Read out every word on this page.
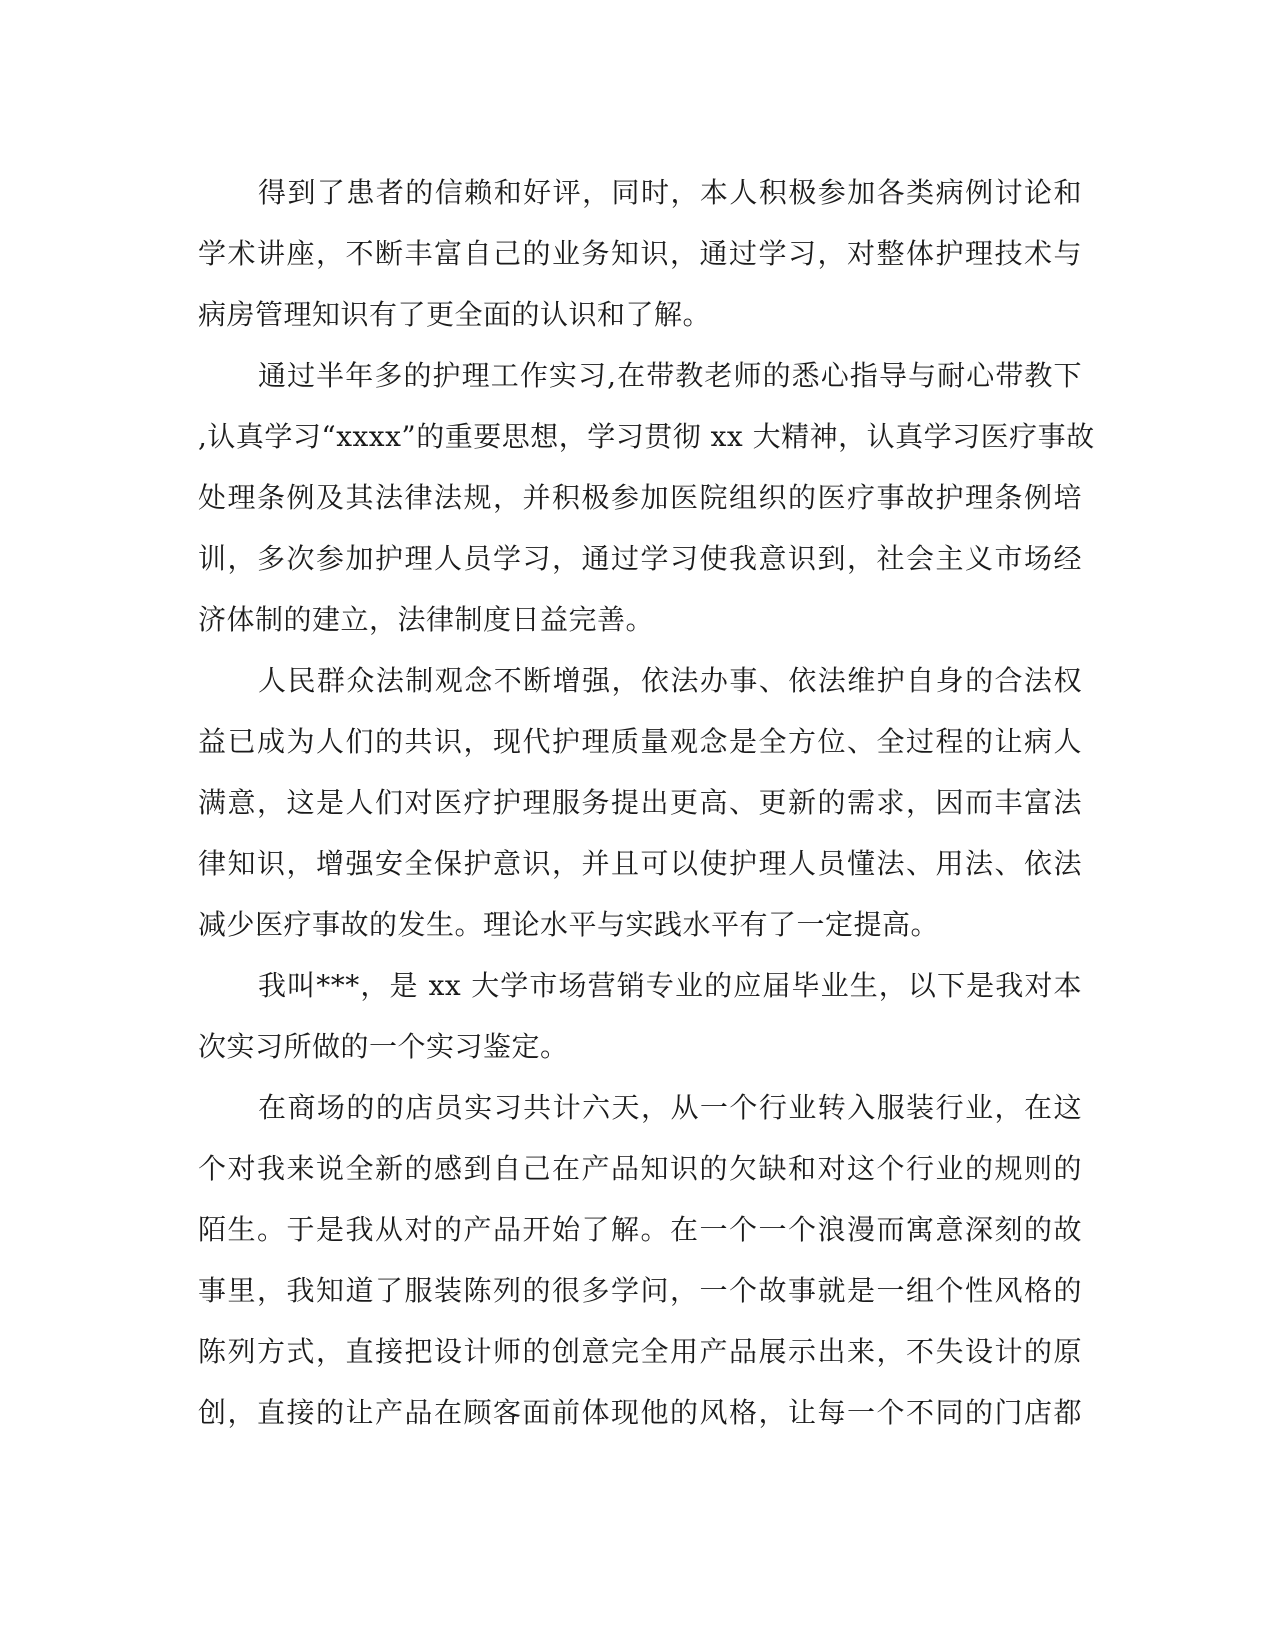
得到了患者的信赖和好评，同时，本人积极参加各类病例讨论和
学术讲座，不断丰富自己的业务知识，通过学习，对整体护理技术与
病房管理知识有了更全面的认识和了解。
通过半年多的护理工作实习,在带教老师的悉心指导与耐心带教下
,认真学习“xxxx”的重要思想，学习贯彻 xx 大精神，认真学习医疗事故
处理条例及其法律法规，并积极参加医院组织的医疗事故护理条例培
训，多次参加护理人员学习，通过学习使我意识到，社会主义市场经
济体制的建立，法律制度日益完善。
人民群众法制观念不断增强，依法办事、依法维护自身的合法权
益已成为人们的共识，现代护理质量观念是全方位、全过程的让病人
满意，这是人们对医疗护理服务提出更高、更新的需求，因而丰富法
律知识，增强安全保护意识，并且可以使护理人员懂法、用法、依法
减少医疗事故的发生。理论水平与实践水平有了一定提高。
我叫***，是 xx 大学市场营销专业的应届毕业生，以下是我对本
次实习所做的一个实习鉴定。
在商场的的店员实习共计六天，从一个行业转入服装行业，在这
个对我来说全新的感到自己在产品知识的欠缺和对这个行业的规则的
陌生。于是我从对的产品开始了解。在一个一个浪漫而寓意深刻的故
事里，我知道了服装陈列的很多学问，一个故事就是一组个性风格的
陈列方式，直接把设计师的创意完全用产品展示出来，不失设计的原
创，直接的让产品在顾客面前体现他的风格，让每一个不同的门店都
